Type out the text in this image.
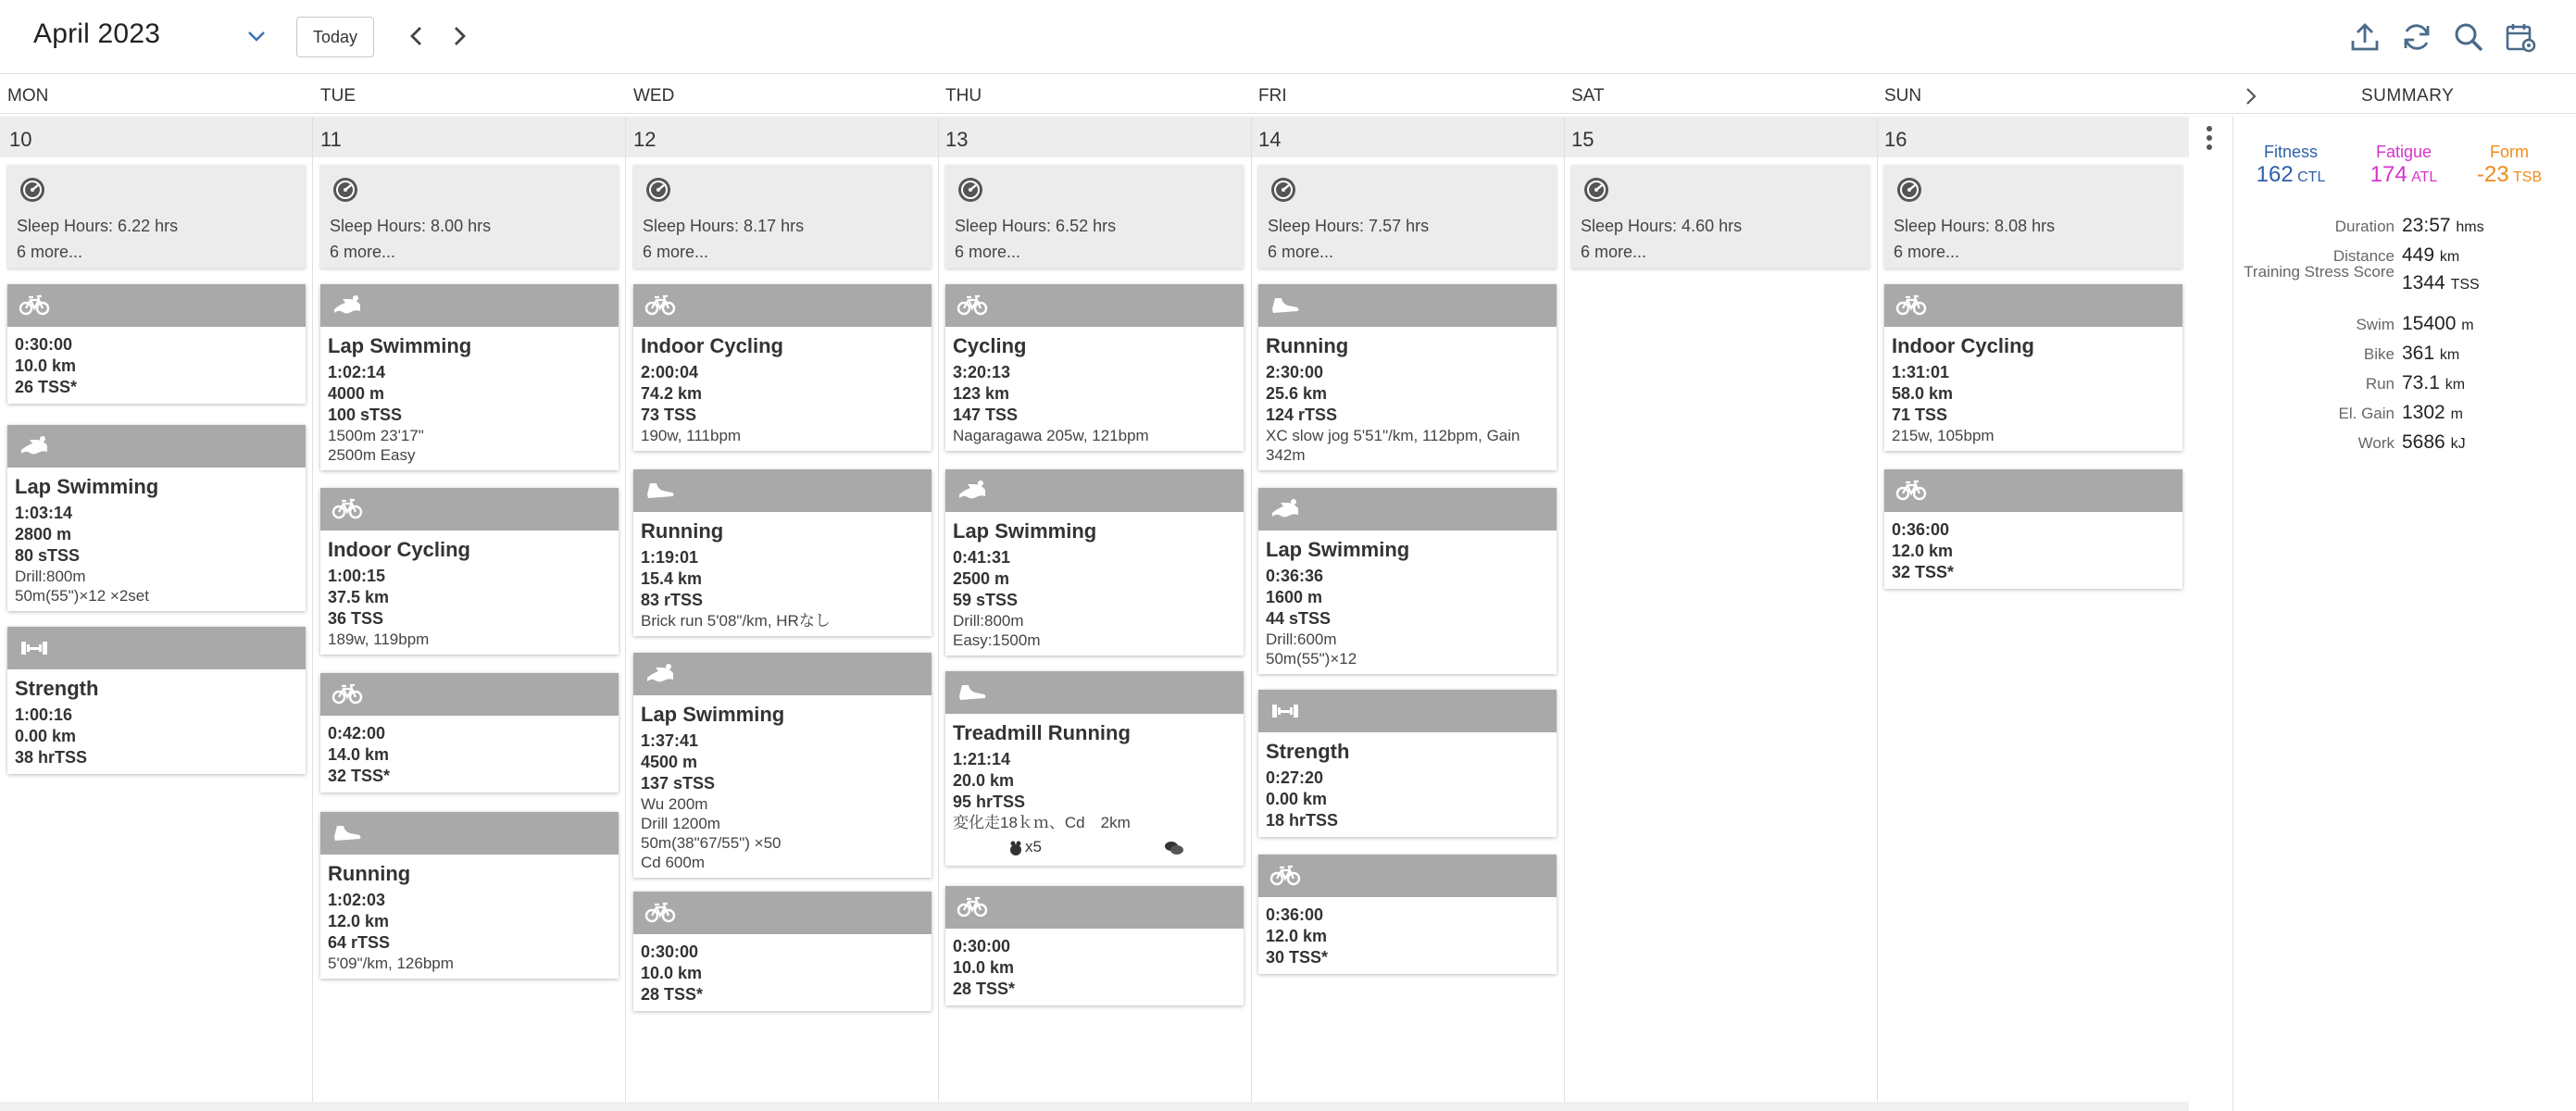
April 2023	Today
MON	TUE	WED	THU	FRI	SAT	SUN	SUMMARY
10	11	12	13	14	15	16
Sleep Hours: 6.22 hrs
6 more...
Sleep Hours: 8.00 hrs
6 more...
Sleep Hours: 8.17 hrs
6 more...
Sleep Hours: 6.52 hrs
6 more...
Sleep Hours: 7.57 hrs
6 more...
Sleep Hours: 4.60 hrs
6 more...
Sleep Hours: 8.08 hrs
6 more...
0:30:00
10.0 km
26 TSS*
Lap Swimming
1:03:14
2800 m
80 sTSS
Drill:800m
50m(55")×12 ×2set
Strength
1:00:16
0.00 km
38 hrTSS
Lap Swimming
1:02:14
4000 m
100 sTSS
1500m 23'17"
2500m Easy
Indoor Cycling
1:00:15
37.5 km
36 TSS
189w, 119bpm
0:42:00
14.0 km
32 TSS*
Running
1:02:03
12.0 km
64 rTSS
5'09"/km, 126bpm
Indoor Cycling
2:00:04
74.2 km
73 TSS
190w, 111bpm
Running
1:19:01
15.4 km
83 rTSS
Brick run 5'08"/km, HRなし
Lap Swimming
1:37:41
4500 m
137 sTSS
Wu 200m
Drill 1200m
50m(38"67/55") ×50
Cd 600m
0:30:00
10.0 km
28 TSS*
Cycling
3:20:13
123 km
147 TSS
Nagaragawa 205w, 121bpm
Lap Swimming
0:41:31
2500 m
59 sTSS
Drill:800m
Easy:1500m
Treadmill Running
1:21:14
20.0 km
95 hrTSS
変化走18ｋｍ、Cd　2km
x5
0:30:00
10.0 km
28 TSS*
Running
2:30:00
25.6 km
124 rTSS
XC slow jog 5'51"/km, 112bpm, Gain
342m
Lap Swimming
0:36:36
1600 m
44 sTSS
Drill:600m
50m(55")×12
Strength
0:27:20
0.00 km
18 hrTSS
0:36:00
12.0 km
30 TSS*
Indoor Cycling
1:31:01
58.0 km
71 TSS
215w, 105bpm
0:36:00
12.0 km
32 TSS*
Fitness
162 CTL
Fatigue
174 ATL
Form
-23 TSB
Duration 23:57 hms
Distance 449 km
Training Stress Score
1344 TSS
Swim 15400 m
Bike 361 km
Run 73.1 km
El. Gain 1302 m
Work 5686 kJ
